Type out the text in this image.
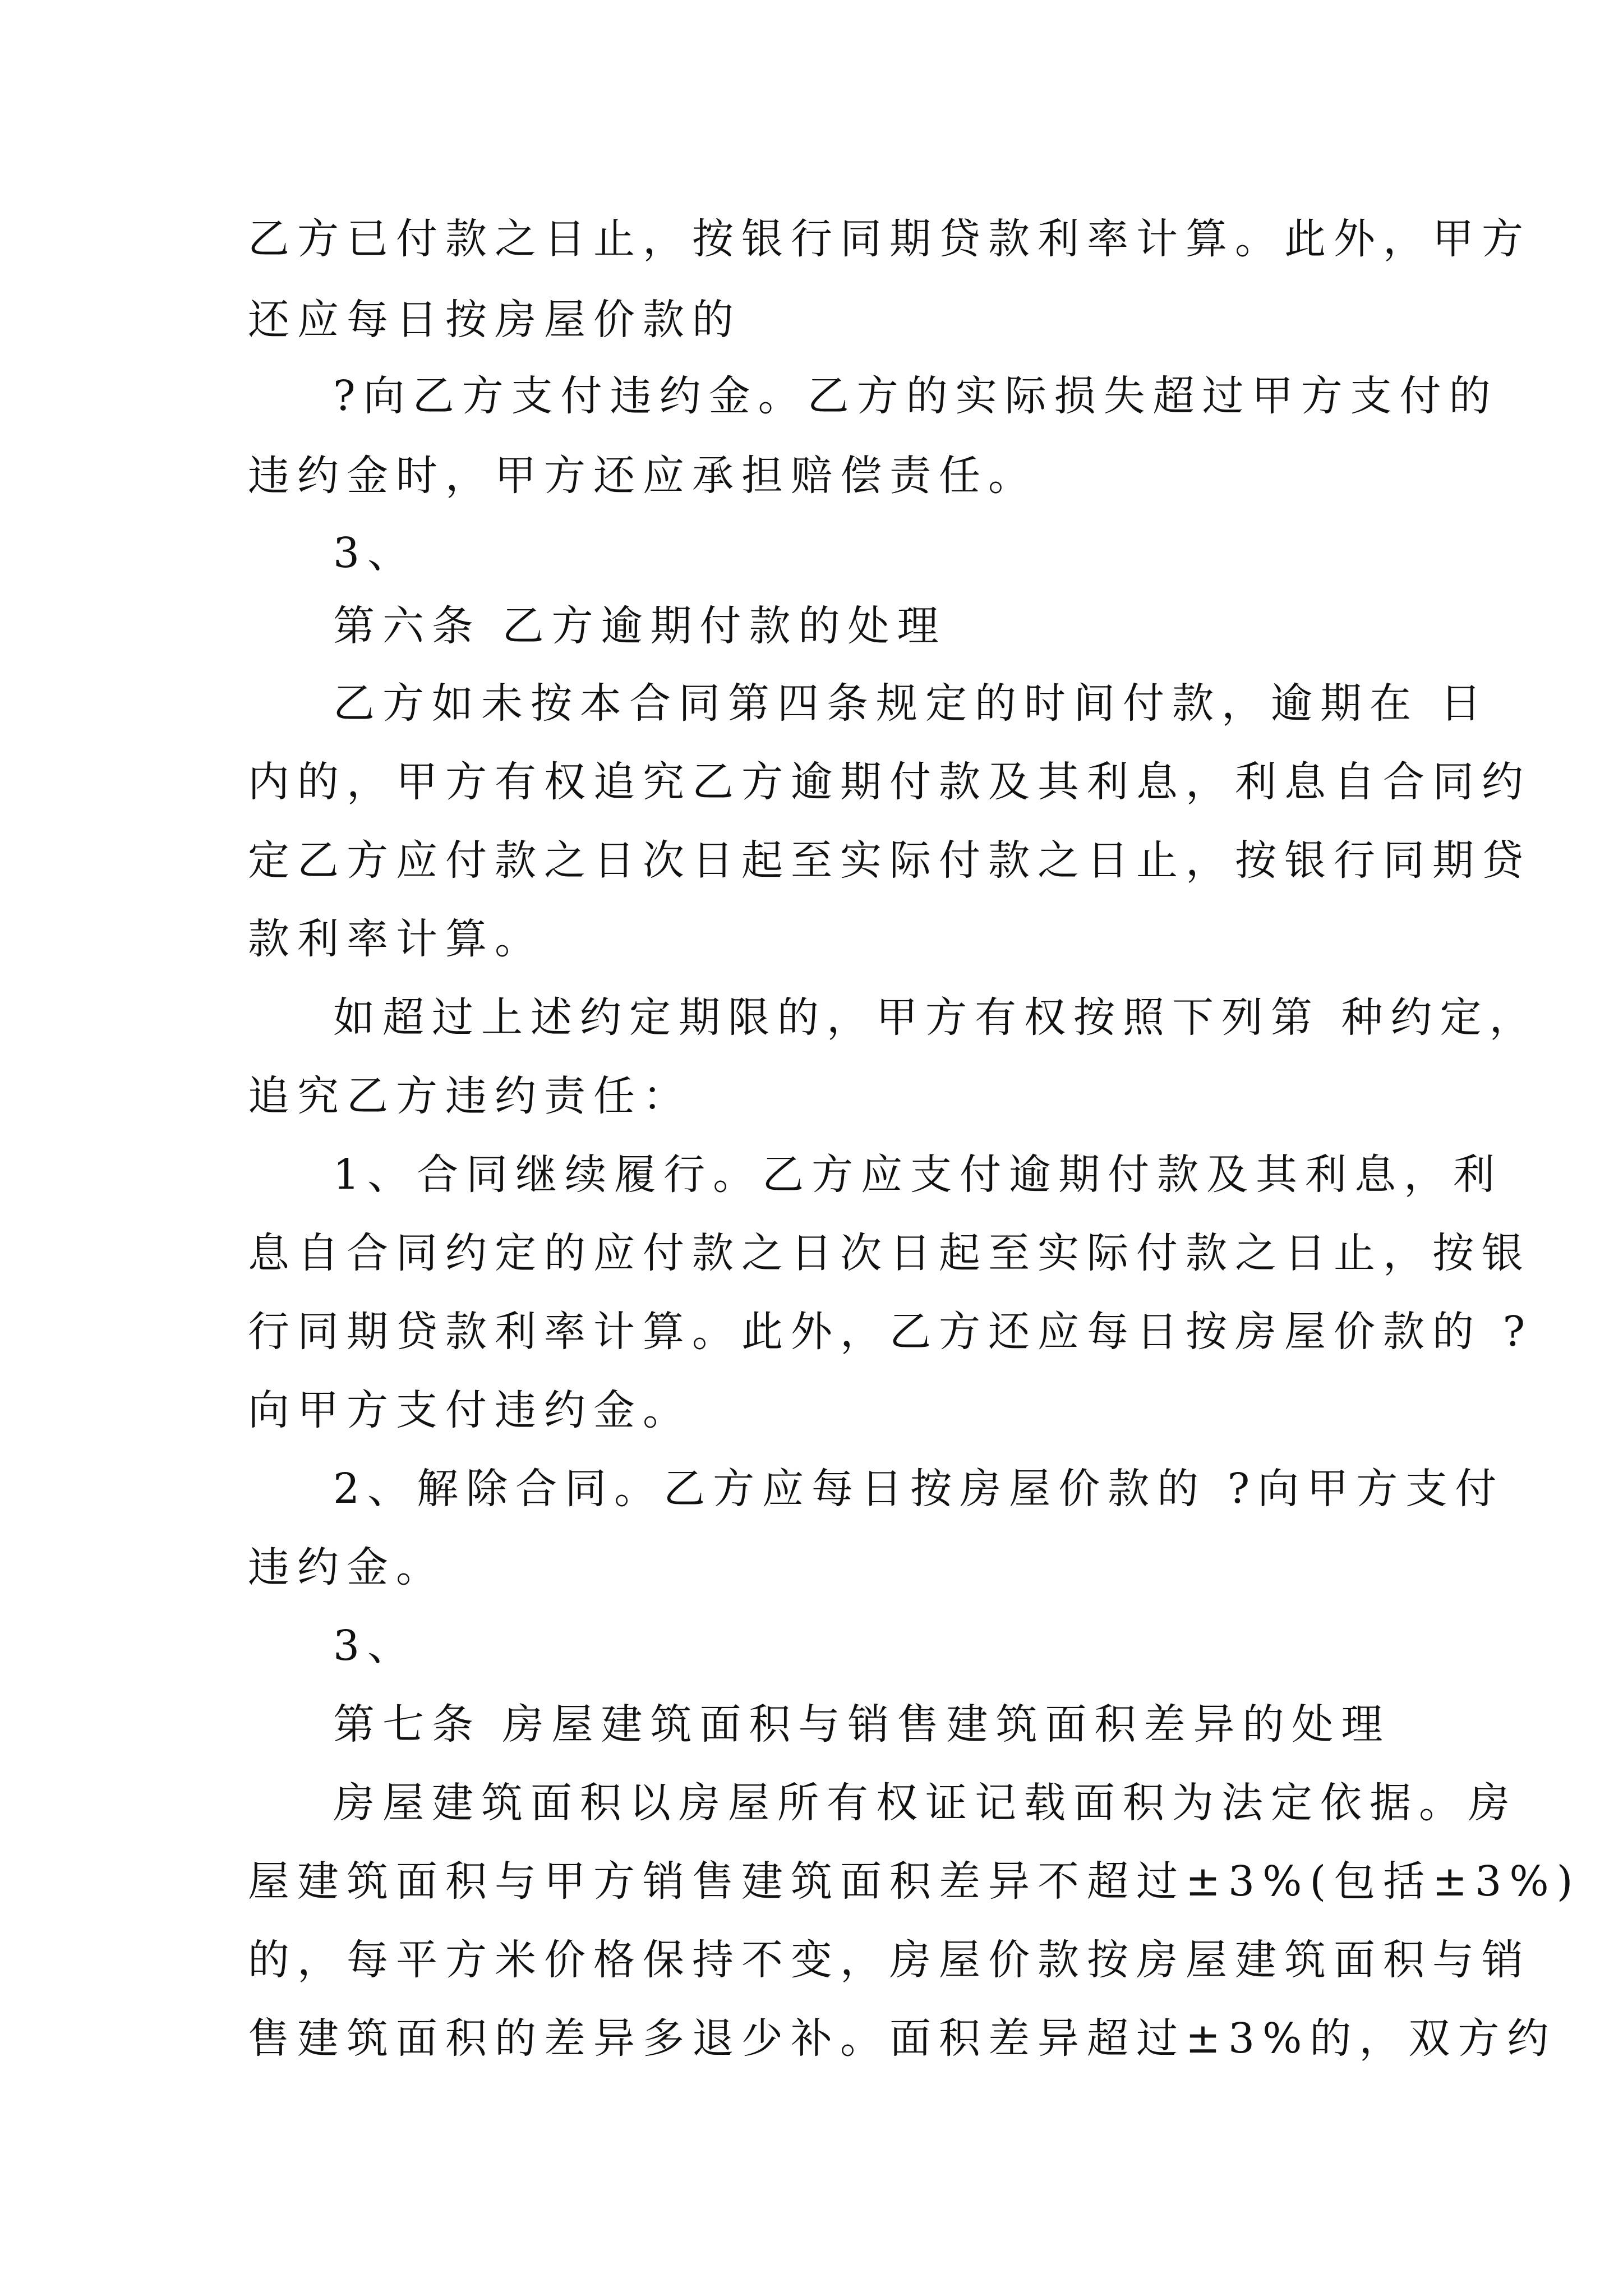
乙方已付款之日止，按银行同期贷款利率计算。此外，甲方
还应每日按房屋价款的
?向乙方支付违约金。乙方的实际损失超过甲方支付的
违约金时，甲方还应承担赔偿责任。
3、
第六条 乙方逾期付款的处理
乙方如未按本合同第四条规定的时间付款，逾期在 日
内的，甲方有权追究乙方逾期付款及其利息，利息自合同约
定乙方应付款之日次日起至实际付款之日止，按银行同期贷
款利率计算。
如超过上述约定期限的，甲方有权按照下列第 种约定，
追究乙方违约责任：
1、合同继续履行。乙方应支付逾期付款及其利息，利
息自合同约定的应付款之日次日起至实际付款之日止，按银
行同期贷款利率计算。此外，乙方还应每日按房屋价款的 ?
向甲方支付违约金。
2、解除合同。乙方应每日按房屋价款的 ?向甲方支付
违约金。
3、
第七条 房屋建筑面积与销售建筑面积差异的处理
房屋建筑面积以房屋所有权证记载面积为法定依据。房
屋建筑面积与甲方销售建筑面积差异不超过±3%(包括±3%)
的，每平方米价格保持不变，房屋价款按房屋建筑面积与销
售建筑面积的差异多退少补。面积差异超过±3%的，双方约
